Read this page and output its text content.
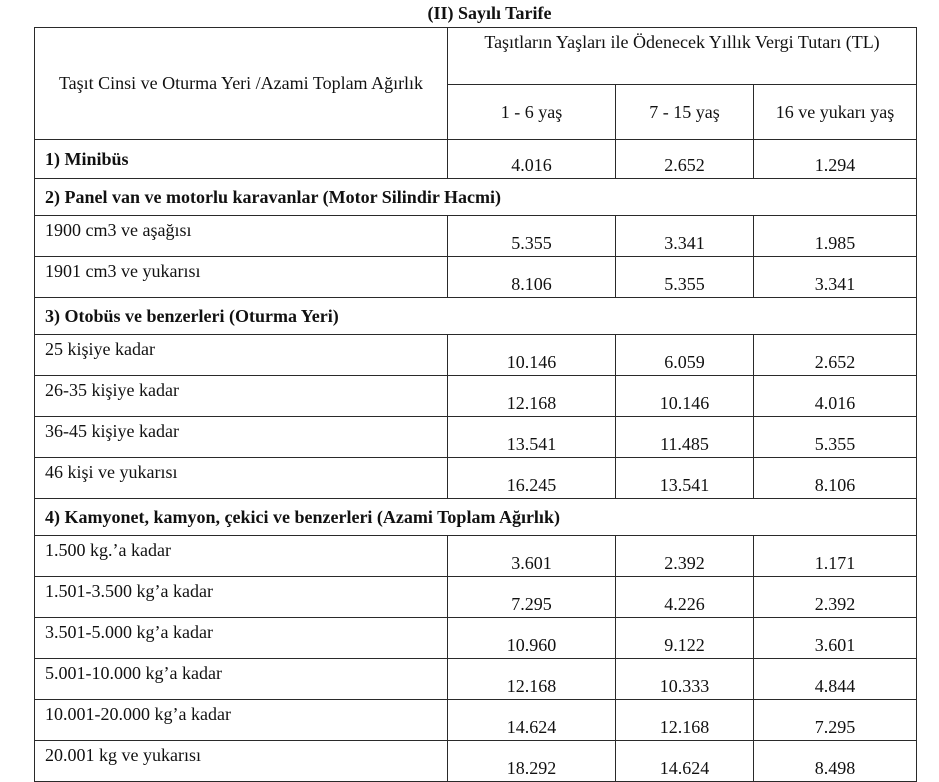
(II) Sayılı Tarife
Taşıt Cinsi ve Oturma Yeri /Azami Toplam Ağırlık	Taşıtların Yaşları ile Ödenecek Yıllık Vergi Tutarı (TL)		
	1 - 6 yaş	7 - 15 yaş	16 ve yukarı yaş
1) Minibüs	4.016	2.652	1.294
2) Panel van ve motorlu karavanlar (Motor Silindir Hacmi)			
1900 cm3 ve aşağısı	5.355	3.341	1.985
1901 cm3 ve yukarısı	8.106	5.355	3.341
3) Otobüs ve benzerleri (Oturma Yeri)			
25 kişiye kadar	10.146	6.059	2.652
26-35 kişiye kadar	12.168	10.146	4.016
36-45 kişiye kadar	13.541	11.485	5.355
46 kişi ve yukarısı	16.245	13.541	8.106
4) Kamyonet, kamyon, çekici ve benzerleri (Azami Toplam Ağırlık)			
1.500 kg.’a kadar	3.601	2.392	1.171
1.501-3.500 kg’a kadar	7.295	4.226	2.392
3.501-5.000 kg’a kadar	10.960	9.122	3.601
5.001-10.000 kg’a kadar	12.168	10.333	4.844
10.001-20.000 kg’a kadar	14.624	12.168	7.295
20.001 kg ve yukarısı	18.292	14.624	8.498
